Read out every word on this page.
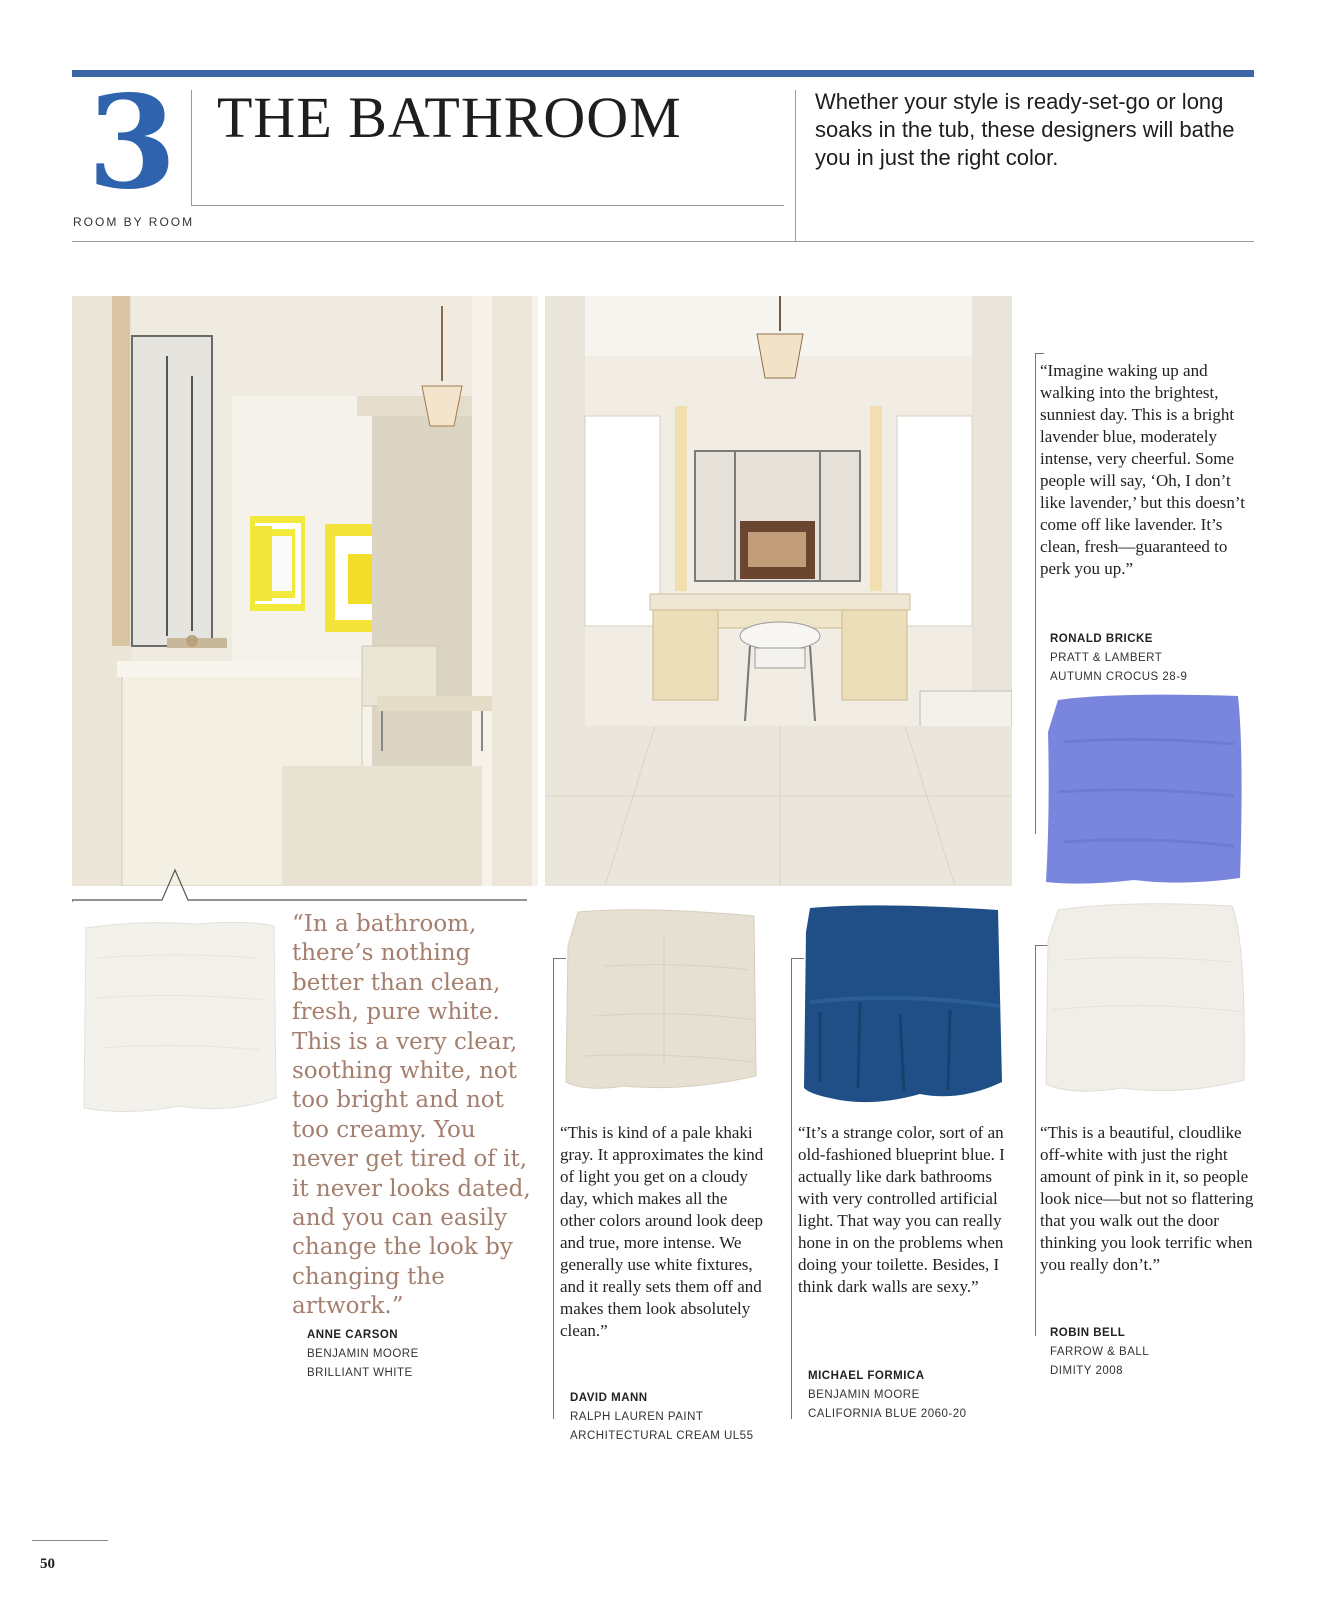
3 THE BATHROOM	Whether your style is ready-set-go or long soaks in the tub, these designers will bathe you in just the right color.
ROOM BY ROOM
“In a bathroom, there’s nothing better than clean, fresh, pure white. This is a very clear, soothing white, not too bright and not too creamy. You never get tired of it, it never looks dated, and you can easily change the look by changing the artwork.”
ANNE CARSON
BENJAMIN MOORE
BRILLIANT WHITE
“This is kind of a pale khaki gray. It approximates the kind of light you get on a cloudy day, which makes all the other colors around look deep and true, more intense. We generally use white fixtures, and it really sets them off and makes them look absolutely clean.”
DAVID MANN
RALPH LAUREN PAINT
ARCHITECTURAL CREAM UL55
“It’s a strange color, sort of an old-fashioned blueprint blue. I actually like dark bathrooms with very controlled artificial light. That way you can really hone in on the problems when doing your toilette. Besides, I think dark walls are sexy.”
MICHAEL FORMICA
BENJAMIN MOORE
CALIFORNIA BLUE 2060-20
“This is a beautiful, cloudlike off-white with just the right amount of pink in it, so people look nice—but not so flattering that you walk out the door thinking you look terrific when you really don’t.”
ROBIN BELL
FARROW & BALL
DIMITY 2008
“Imagine waking up and walking into the brightest, sunniest day. This is a bright lavender blue, moderately intense, very cheerful. Some people will say, ‘Oh, I don’t like lavender,’ but this doesn’t come off like lavender. It’s clean, fresh—guaranteed to perk you up.”
RONALD BRICKE
PRATT & LAMBERT
AUTUMN CROCUS 28-9
50
